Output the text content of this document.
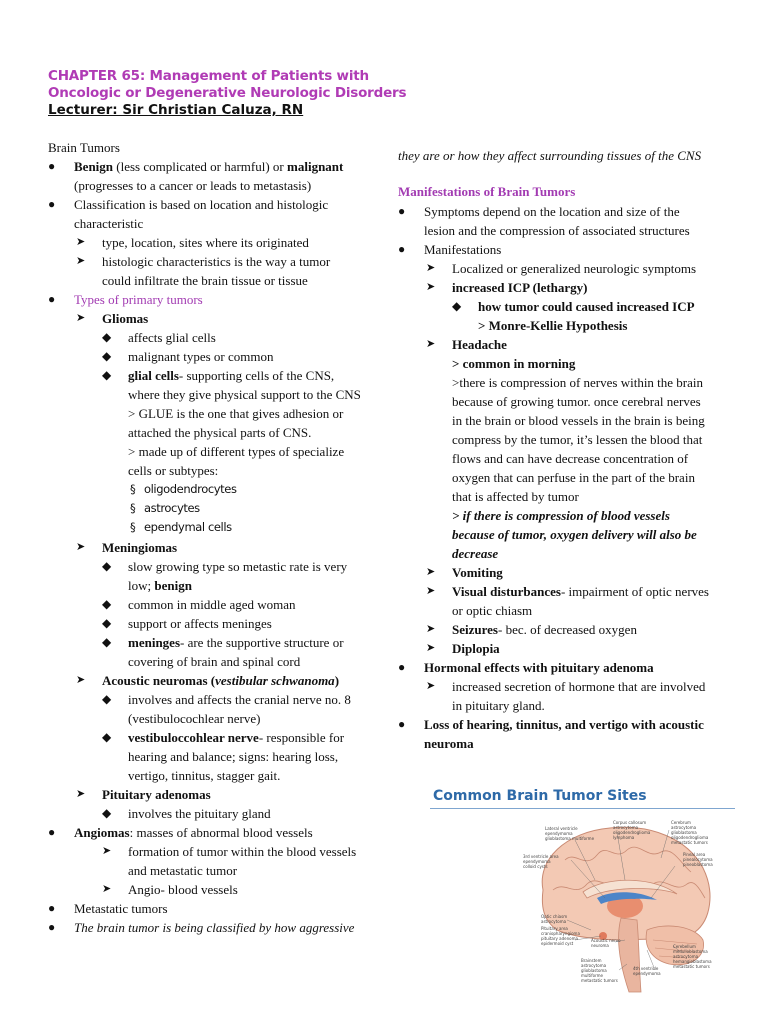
CHAPTER 65: Management of Patients with
Oncologic or Degenerative Neurologic Disorders
Lecturer: Sir Christian Caluza, RN
Brain Tumors
● Benign (less complicated or harmful) or malignant
(progresses to a cancer or leads to metastasis)
● Classification is based on location and histologic
characteristic
➤ type, location, sites where its originated
➤ histologic characteristics is the way a tumor
could infiltrate the brain tissue or tissue
● Types of primary tumors
➤ Gliomas
◆ affects glial cells
◆ malignant types or common
◆ glial cells- supporting cells of the CNS,
where they give physical support to the CNS
> GLUE is the one that gives adhesion or
attached the physical parts of CNS.
> made up of different types of specialize
cells or subtypes:
§ oligodendrocytes
§ astrocytes
§ ependymal cells
➤ Meningiomas
◆ slow growing type so metastic rate is very
low; benign
◆ common in middle aged woman
◆ support or affects meninges
◆ meninges- are the supportive structure or
covering of brain and spinal cord
➤ Acoustic neuromas (vestibular schwanoma)
◆ involves and affects the cranial nerve no. 8
(vestibulocochlear nerve)
◆ vestibuloccohlear nerve- responsible for
hearing and balance; signs: hearing loss,
vertigo, tinnitus, stagger gait.
➤ Pituitary adenomas
◆ involves the pituitary gland
● Angiomas: masses of abnormal blood vessels
➤ formation of tumor within the blood vessels
and metastatic tumor
➤ Angio- blood vessels
● Metastatic tumors
● The brain tumor is being classified by how aggressive
they are or how they affect surrounding tissues of the CNS
Manifestations of Brain Tumors
● Symptoms depend on the location and size of the
lesion and the compression of associated structures
● Manifestations
➤ Localized or generalized neurologic symptoms
➤ increased ICP (lethargy)
◆ how tumor could caused increased ICP
> Monre-Kellie Hypothesis
➤ Headache
> common in morning
>there is compression of nerves within the brain
because of growing tumor. once cerebral nerves
in the brain or blood vessels in the brain is being
compress by the tumor, it’s lessen the blood that
flows and can have decrease concentration of
oxygen that can perfuse in the part of the brain
that is affected by tumor
> if there is compression of blood vessels
because of tumor, oxygen delivery will also be
decrease
➤ Vomiting
➤ Visual disturbances- impairment of optic nerves
or optic chiasm
➤ Seizures- bec. of decreased oxygen
➤ Diplopia
● Hormonal effects with pituitary adenoma
➤ increased secretion of hormone that are involved
in pituitary gland.
● Loss of hearing, tinnitus, and vertigo with acoustic
neuroma
Common Brain Tumor Sites
Lateral ventricle
ependymoma
glioblastoma multiforme
Corpus callosum
astrocytoma
oligodendroglioma
lymphoma
Cerebrum
astrocytoma
glioblastoma
oligodendroglioma
metastatic tumors
3rd ventricle area
ependymoma
colloid cysts
Pineal area
pinealocytoma
pineoblastoma
Optic chiasm
astrocytoma
Pituitary area
craniopharyngioma
pituitary adenoma
epidermoid cyst
Acoustic nerve
neuroma
Brainstem
astrocytoma
glioblastoma
multiforme
metastatic tumors
4th ventricle
ependymoma
Cerebellum
medulloblastoma
astrocytoma
hemangioblastoma
metastatic tumors
